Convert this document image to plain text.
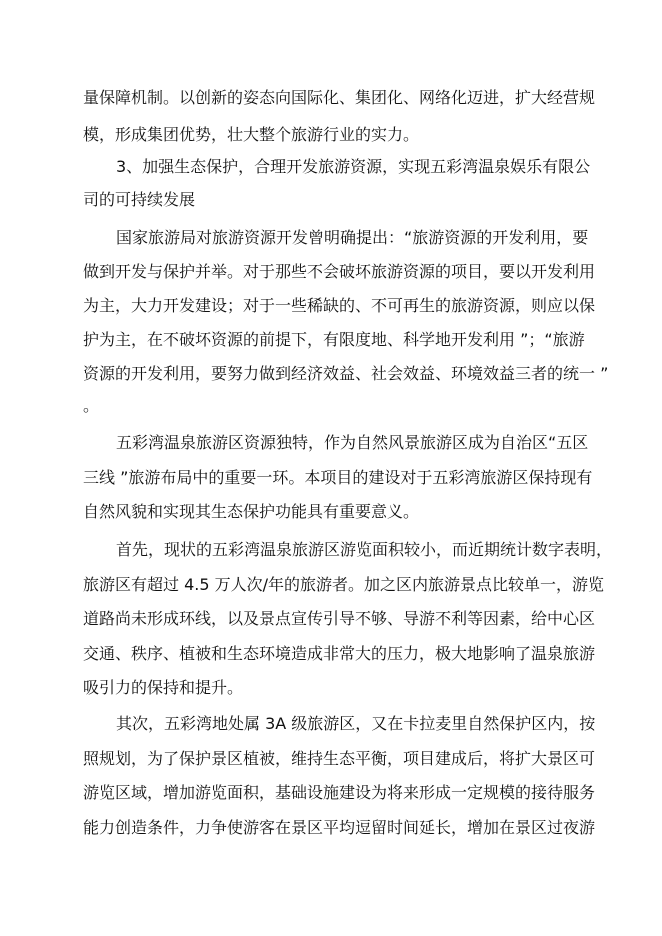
量保障机制。以创新的姿态向国际化、集团化、网络化迈进，扩大经营规
模，形成集团优势，壮大整个旅游行业的实力。
3、加强生态保护，合理开发旅游资源，实现五彩湾温泉娱乐有限公
司的可持续发展
国家旅游局对旅游资源开发曾明确提出：“旅游资源的开发利用，要
做到开发与保护并举。对于那些不会破坏旅游资源的项目，要以开发利用
为主，大力开发建设；对于一些稀缺的、不可再生的旅游资源，则应以保
护为主，在不破坏资源的前提下，有限度地、科学地开发利用 ”；“旅游
资源的开发利用，要努力做到经济效益、社会效益、环境效益三者的统一 ”
。
五彩湾温泉旅游区资源独特，作为自然风景旅游区成为自治区“五区
三线 ”旅游布局中的重要一环。本项目的建设对于五彩湾旅游区保持现有
自然风貌和实现其生态保护功能具有重要意义。
首先，现状的五彩湾温泉旅游区游览面积较小，而近期统计数字表明，
旅游区有超过 4.5 万人次/年的旅游者。加之区内旅游景点比较单一，游览
道路尚未形成环线，以及景点宣传引导不够、导游不利等因素，给中心区
交通、秩序、植被和生态环境造成非常大的压力，极大地影响了温泉旅游
吸引力的保持和提升。
其次，五彩湾地处属 3A 级旅游区，又在卡拉麦里自然保护区内，按
照规划，为了保护景区植被，维持生态平衡，项目建成后，将扩大景区可
游览区域，增加游览面积，基础设施建设为将来形成一定规模的接待服务
能力创造条件，力争使游客在景区平均逗留时间延长，增加在景区过夜游
